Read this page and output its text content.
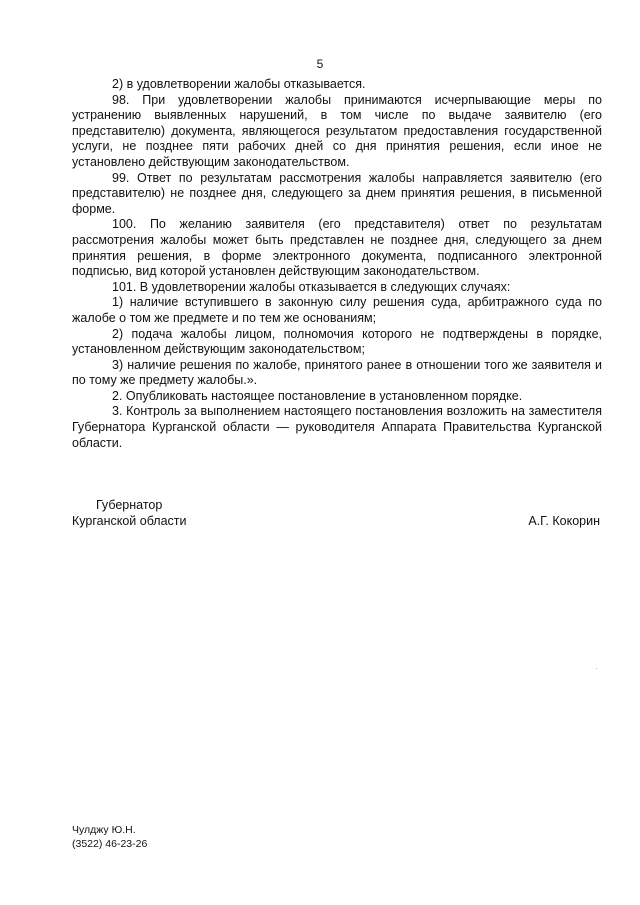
5

2) в удовлетворении жалобы отказывается.

98. При удовлетворении жалобы принимаются исчерпывающие меры по устранению выявленных нарушений, в том числе по выдаче заявителю (его представителю) документа, являющегося результатом предоставления государственной услуги, не позднее пяти рабочих дней со дня принятия решения, если иное не установлено действующим законодательством.

99. Ответ по результатам рассмотрения жалобы направляется заявителю (его представителю) не позднее дня, следующего за днем принятия решения, в письменной форме.

100. По желанию заявителя (его представителя) ответ по результатам рассмотрения жалобы может быть представлен не позднее дня, следующего за днем принятия решения, в форме электронного документа, подписанного электронной подписью, вид которой установлен действующим законодательством.

101. В удовлетворении жалобы отказывается в следующих случаях:

1) наличие вступившего в законную силу решения суда, арбитражного суда по жалобе о том же предмете и по тем же основаниям;

2) подача жалобы лицом, полномочия которого не подтверждены в порядке, установленном действующим законодательством;

3) наличие решения по жалобе, принятого ранее в отношении того же заявителя и по тому же предмету жалобы.».

2. Опубликовать настоящее постановление в установленном порядке.

3. Контроль за выполнением настоящего постановления возложить на заместителя Губернатора Курганской области — руководителя Аппарата Правительства Курганской области.

Губернатор
Курганской области	А.Г. Кокорин
Чулджу Ю.Н.
(3522) 46-23-26
